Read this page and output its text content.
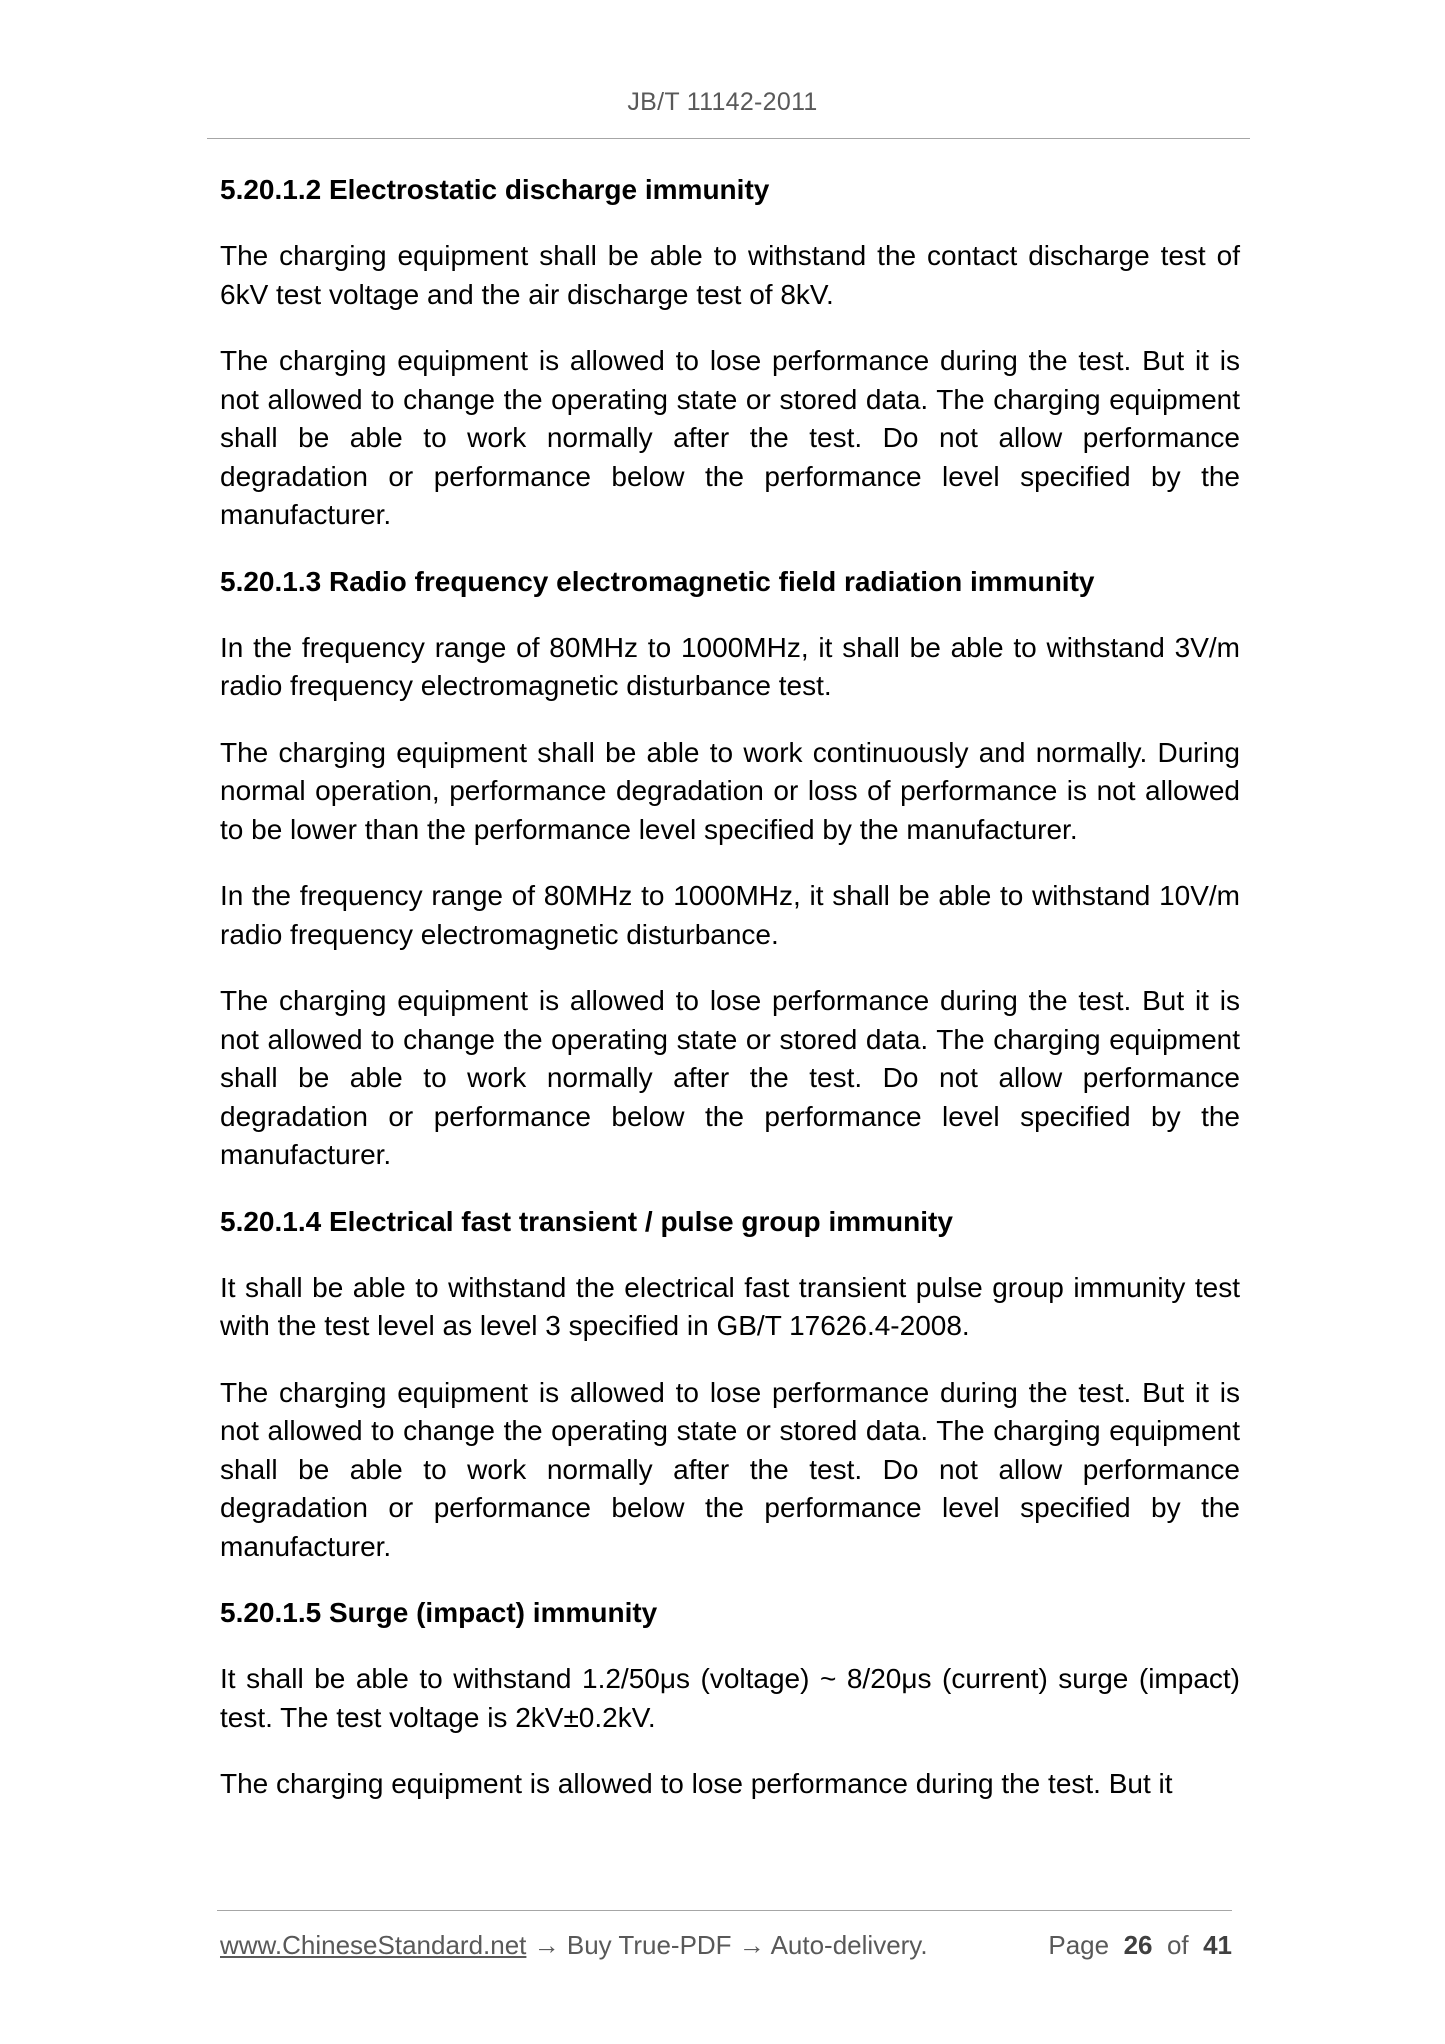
JB/T 11142-2011
5.20.1.2 Electrostatic discharge immunity

The charging equipment shall be able to withstand the contact discharge test of 6kV test voltage and the air discharge test of 8kV.

The charging equipment is allowed to lose performance during the test. But it is not allowed to change the operating state or stored data. The charging equipment shall be able to work normally after the test. Do not allow performance degradation or performance below the performance level specified by the manufacturer.

5.20.1.3 Radio frequency electromagnetic field radiation immunity

In the frequency range of 80MHz to 1000MHz, it shall be able to withstand 3V/m radio frequency electromagnetic disturbance test.

The charging equipment shall be able to work continuously and normally. During normal operation, performance degradation or loss of performance is not allowed to be lower than the performance level specified by the manufacturer.

In the frequency range of 80MHz to 1000MHz, it shall be able to withstand 10V/m radio frequency electromagnetic disturbance.

The charging equipment is allowed to lose performance during the test. But it is not allowed to change the operating state or stored data. The charging equipment shall be able to work normally after the test. Do not allow performance degradation or performance below the performance level specified by the manufacturer.

5.20.1.4 Electrical fast transient / pulse group immunity

It shall be able to withstand the electrical fast transient pulse group immunity test with the test level as level 3 specified in GB/T 17626.4-2008.

The charging equipment is allowed to lose performance during the test. But it is not allowed to change the operating state or stored data. The charging equipment shall be able to work normally after the test. Do not allow performance degradation or performance below the performance level specified by the manufacturer.

5.20.1.5 Surge (impact) immunity

It shall be able to withstand 1.2/50μs (voltage) ~ 8/20μs (current) surge (impact) test. The test voltage is 2kV±0.2kV.

The charging equipment is allowed to lose performance during the test. But it

www.ChineseStandard.net → Buy True-PDF → Auto-delivery.	Page 26 of 41
